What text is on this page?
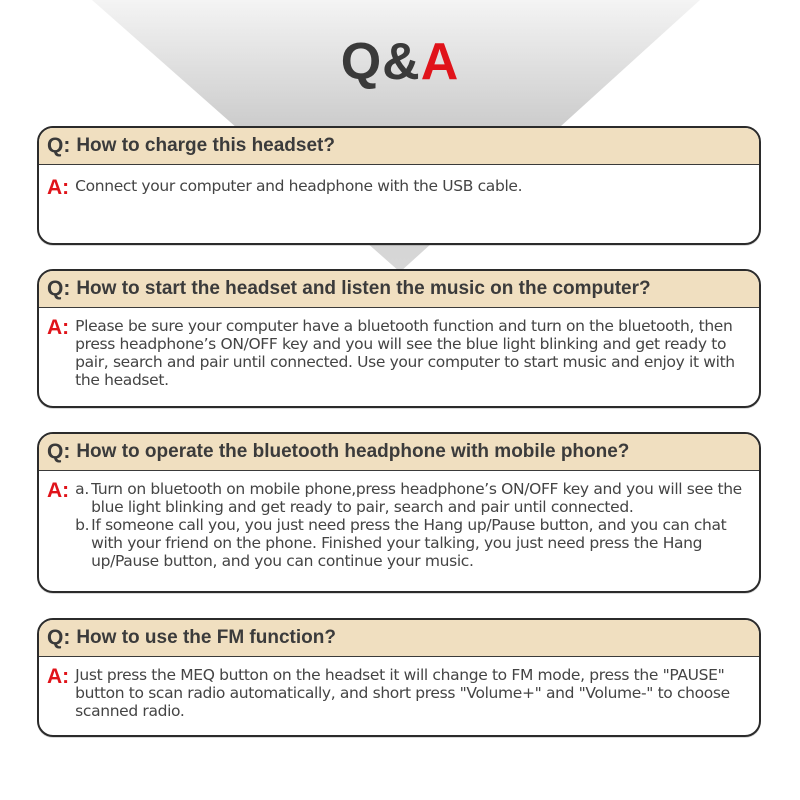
Q&A
Q: How to charge this headset?
A: Connect your computer and headphone with the USB cable.
Q: How to start the headset and listen the music on the computer?
A: Please be sure your computer have a bluetooth function and turn on the bluetooth, then press headphone’s ON/OFF key and you will see the blue light blinking and get ready to pair, search and pair until connected. Use your computer to start music and enjoy it with the headset.
Q: How to operate the bluetooth headphone with mobile phone?
A: a. Turn on bluetooth on mobile phone,press headphone’s ON/OFF key and you will see the blue light blinking and get ready to pair, search and pair until connected.
b. If someone call you, you just need press the Hang up/Pause button, and you can chat with your friend on the phone. Finished your talking, you just need press the Hang up/Pause button, and you can continue your music.
Q: How to use the FM function?
A: Just press the MEQ button on the headset it will change to FM mode, press the "PAUSE" button to scan radio automatically, and short press "Volume+" and "Volume-" to choose scanned radio.
